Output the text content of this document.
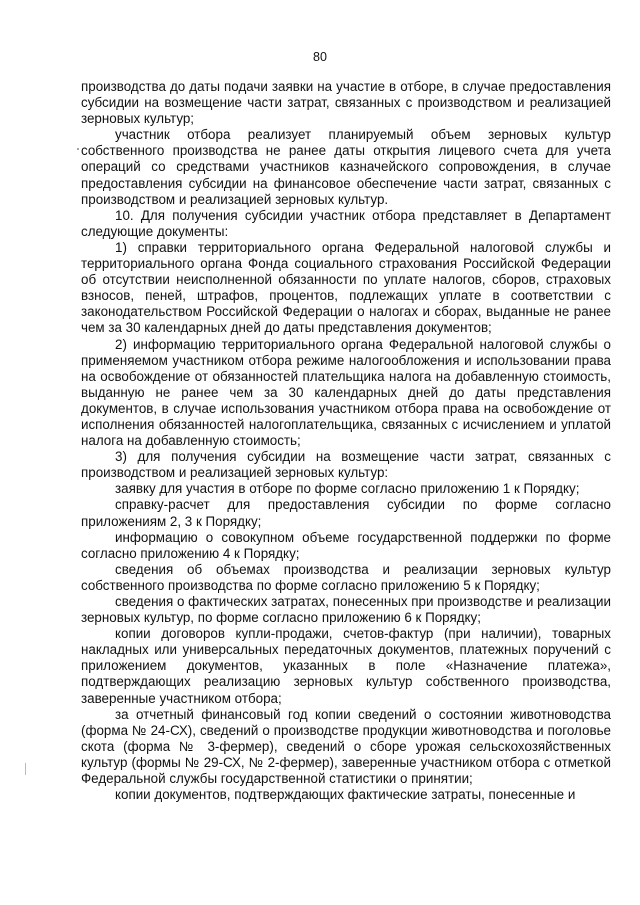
80

производства до даты подачи заявки на участие в отборе, в случае предоставления субсидии на возмещение части затрат, связанных с производством и реализацией зерновых культур;

участник отбора реализует планируемый объем зерновых культур собственного производства не ранее даты открытия лицевого счета для учета операций со средствами участников казначейского сопровождения, в случае предоставления субсидии на финансовое обеспечение части затрат, связанных с производством и реализацией зерновых культур.

10. Для получения субсидии участник отбора представляет в Департамент следующие документы:

1) справки территориального органа Федеральной налоговой службы и территориального органа Фонда социального страхования Российской Федерации об отсутствии неисполненной обязанности по уплате налогов, сборов, страховых взносов, пеней, штрафов, процентов, подлежащих уплате в соответствии с законодательством Российской Федерации о налогах и сборах, выданные не ранее чем за 30 календарных дней до даты представления документов;

2) информацию территориального органа Федеральной налоговой службы о применяемом участником отбора режиме налогообложения и использовании права на освобождение от обязанностей плательщика налога на добавленную стоимость, выданную не ранее чем за 30 календарных дней до даты представления документов, в случае использования участником отбора права на освобождение от исполнения обязанностей налогоплательщика, связанных с исчислением и уплатой налога на добавленную стоимость;

3) для получения субсидии на возмещение части затрат, связанных с производством и реализацией зерновых культур:

заявку для участия в отборе по форме согласно приложению 1 к Порядку;

справку-расчет для предоставления субсидии по форме согласно приложениям 2, 3 к Порядку;

информацию о совокупном объеме государственной поддержки по форме согласно приложению 4 к Порядку;

сведения об объемах производства и реализации зерновых культур собственного производства по форме согласно приложению 5 к Порядку;

сведения о фактических затратах, понесенных при производстве и реализации зерновых культур, по форме согласно приложению 6 к Порядку;

копии договоров купли-продажи, счетов-фактур (при наличии), товарных накладных или универсальных передаточных документов, платежных поручений с приложением документов, указанных в поле «Назначение платежа», подтверждающих реализацию зерновых культур собственного производства, заверенные участником отбора;

за отчетный финансовый год копии сведений о состоянии животноводства (форма № 24-СХ), сведений о производстве продукции животноводства и поголовье скота (форма № 3-фермер), сведений о сборе урожая сельскохозяйственных культур (формы № 29-СХ, № 2-фермер), заверенные участником отбора с отметкой Федеральной службы государственной статистики о принятии;

копии документов, подтверждающих фактические затраты, понесенные и
